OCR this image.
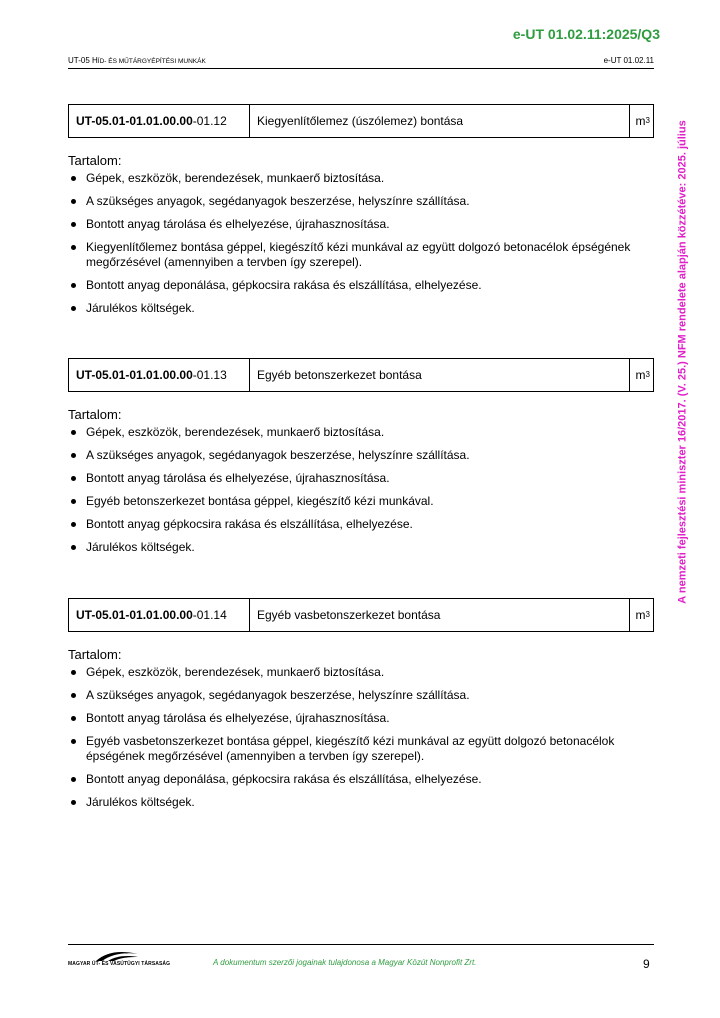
e-UT 01.02.11:2025/Q3
UT-05 HÍD- ÉS MŰTÁRGYÉPÍTÉSI MUNKÁK	e-UT 01.02.11
A nemzeti fejlesztési miniszter 16/2017. (V. 25.) NFM rendelete alapján közzétéve: 2025. július
UT-05.01-01.01.00.00 -01.12	Kiegyenlítőlemez (úszólemez) bontása	m 3
Tartalom:
Gépek, eszközök, berendezések, munkaerő biztosítása.
A szükséges anyagok, segédanyagok beszerzése, helyszínre szállítása.
Bontott anyag tárolása és elhelyezése, újrahasznosítása.
Kiegyenlítőlemez bontása géppel, kiegészítő kézi munkával az együtt dolgozó betonacélok épségének megőrzésével (amennyiben a tervben így szerepel).
Bontott anyag deponálása, gépkocsira rakása és elszállítása, elhelyezése.
Járulékos költségek.
UT-05.01-01.01.00.00 -01.13	Egyéb betonszerkezet bontása	m 3
Tartalom:
Gépek, eszközök, berendezések, munkaerő biztosítása.
A szükséges anyagok, segédanyagok beszerzése, helyszínre szállítása.
Bontott anyag tárolása és elhelyezése, újrahasznosítása.
Egyéb betonszerkezet bontása géppel, kiegészítő kézi munkával.
Bontott anyag gépkocsira rakása és elszállítása, elhelyezése.
Járulékos költségek.
UT-05.01-01.01.00.00 -01.14	Egyéb vasbetonszerkezet bontása	m 3
Tartalom:
Gépek, eszközök, berendezések, munkaerő biztosítása.
A szükséges anyagok, segédanyagok beszerzése, helyszínre szállítása.
Bontott anyag tárolása és elhelyezése, újrahasznosítása.
Egyéb vasbetonszerkezet bontása géppel, kiegészítő kézi munkával az együtt dolgozó betonacélok épségének megőrzésével (amennyiben a tervben így szerepel).
Bontott anyag deponálása, gépkocsira rakása és elszállítása, elhelyezése.
Járulékos költségek.
MAGYAR ÚT- ÉS VASÚTÜGYI TÁRSASÁG	A dokumentum szerzői jogainak tulajdonosa a Magyar Közút Nonprofit Zrt.	9
